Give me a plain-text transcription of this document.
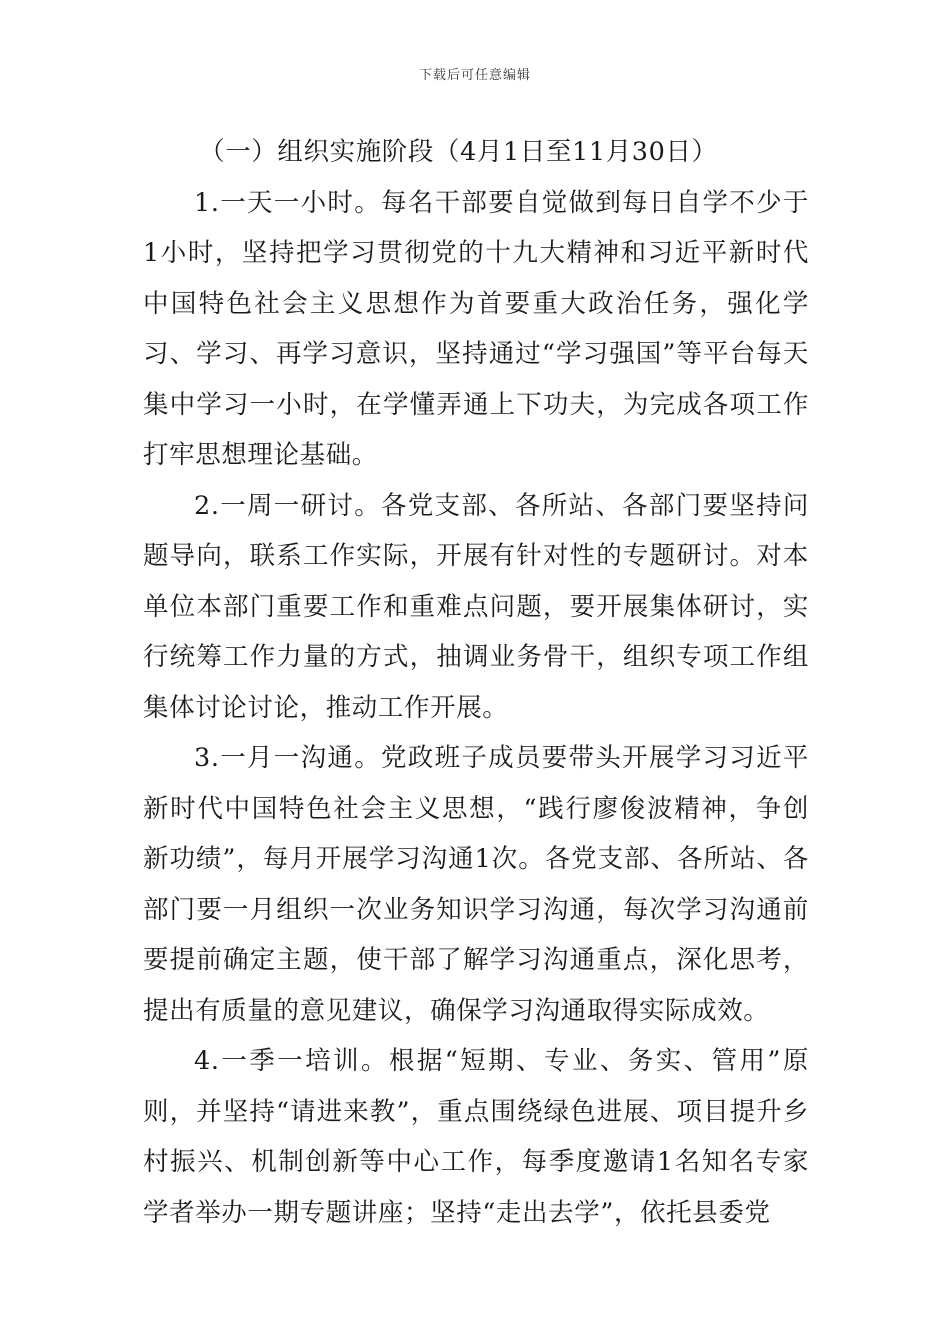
下载后可任意编辑

（一）组织实施阶段（4月1日至11月30日）

1.一天一小时。每名干部要自觉做到每日自学不少于1小时，坚持把学习贯彻党的十九大精神和习近平新时代中国特色社会主义思想作为首要重大政治任务，强化学习、学习、再学习意识，坚持通过“学习强国”等平台每天集中学习一小时，在学懂弄通上下功夫，为完成各项工作打牢思想理论基础。

2.一周一研讨。各党支部、各所站、各部门要坚持问题导向，联系工作实际，开展有针对性的专题研讨。对本单位本部门重要工作和重难点问题，要开展集体研讨，实行统筹工作力量的方式，抽调业务骨干，组织专项工作组集体讨论讨论，推动工作开展。

3.一月一沟通。党政班子成员要带头开展学习习近平新时代中国特色社会主义思想，“践行廖俊波精神，争创新功绩”，每月开展学习沟通1次。各党支部、各所站、各部门要一月组织一次业务知识学习沟通，每次学习沟通前要提前确定主题，使干部了解学习沟通重点，深化思考，提出有质量的意见建议，确保学习沟通取得实际成效。

4.一季一培训。根据“短期、专业、务实、管用”原则，并坚持“请进来教”，重点围绕绿色进展、项目提升乡村振兴、机制创新等中心工作，每季度邀请1名知名专家学者举办一期专题讲座；坚持“走出去学”，依托县委党
